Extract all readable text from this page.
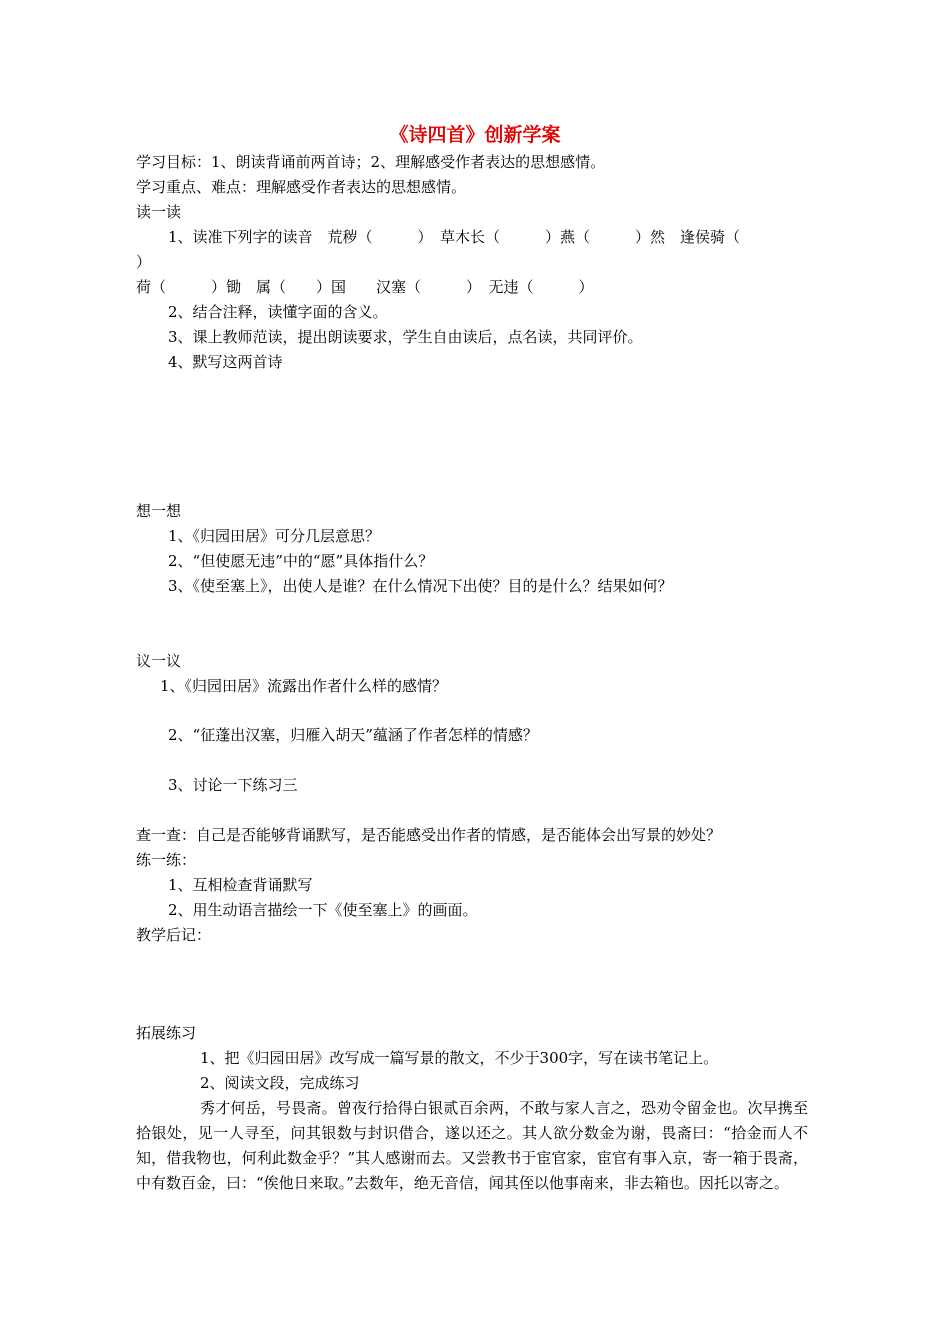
《诗四首》创新学案

学习目标：1、朗读背诵前两首诗；2、理解感受作者表达的思想感情。

学习重点、难点：理解感受作者表达的思想感情。

读一读

1、读准下列字的读音　荒秽（　　　）　草木长（　　　）燕（　　　）然　逢侯骑（

）

荷（　　　）锄　属（　　）国　　汉塞（　　　）　无违（　　　）

2、结合注释，读懂字面的含义。

3、课上教师范读，提出朗读要求，学生自由读后，点名读，共同评价。

4、默写这两首诗

想一想

1、《归园田居》可分几层意思？

2、“但使愿无违”中的“愿”具体指什么？

3、《使至塞上》，出使人是谁？在什么情况下出使？目的是什么？结果如何？

议一议

1、《归园田居》流露出作者什么样的感情？

2、“征蓬出汉塞，归雁入胡天”蕴涵了作者怎样的情感？

3、讨论一下练习三

查一查：自己是否能够背诵默写，是否能感受出作者的情感，是否能体会出写景的妙处？

练一练：

1、互相检查背诵默写

2、用生动语言描绘一下《使至塞上》的画面。

教学后记：

拓展练习

1、把《归园田居》改写成一篇写景的散文，不少于300字，写在读书笔记上。

2、阅读文段，完成练习

秀才何岳，号畏斋。曾夜行拾得白银贰百余两，不敢与家人言之，恐劝令留金也。次早携至拾银处，见一人寻至，问其银数与封识借合，遂以还之。其人欲分数金为谢，畏斋曰：“拾金而人不知，借我物也，何利此数金乎？”其人感谢而去。又尝教书于宦官家，宦官有事入京，寄一箱于畏斋，中有数百金，曰：“俟他日来取。”去数年，绝无音信，闻其侄以他事南来，非去箱也。因托以寄之。
